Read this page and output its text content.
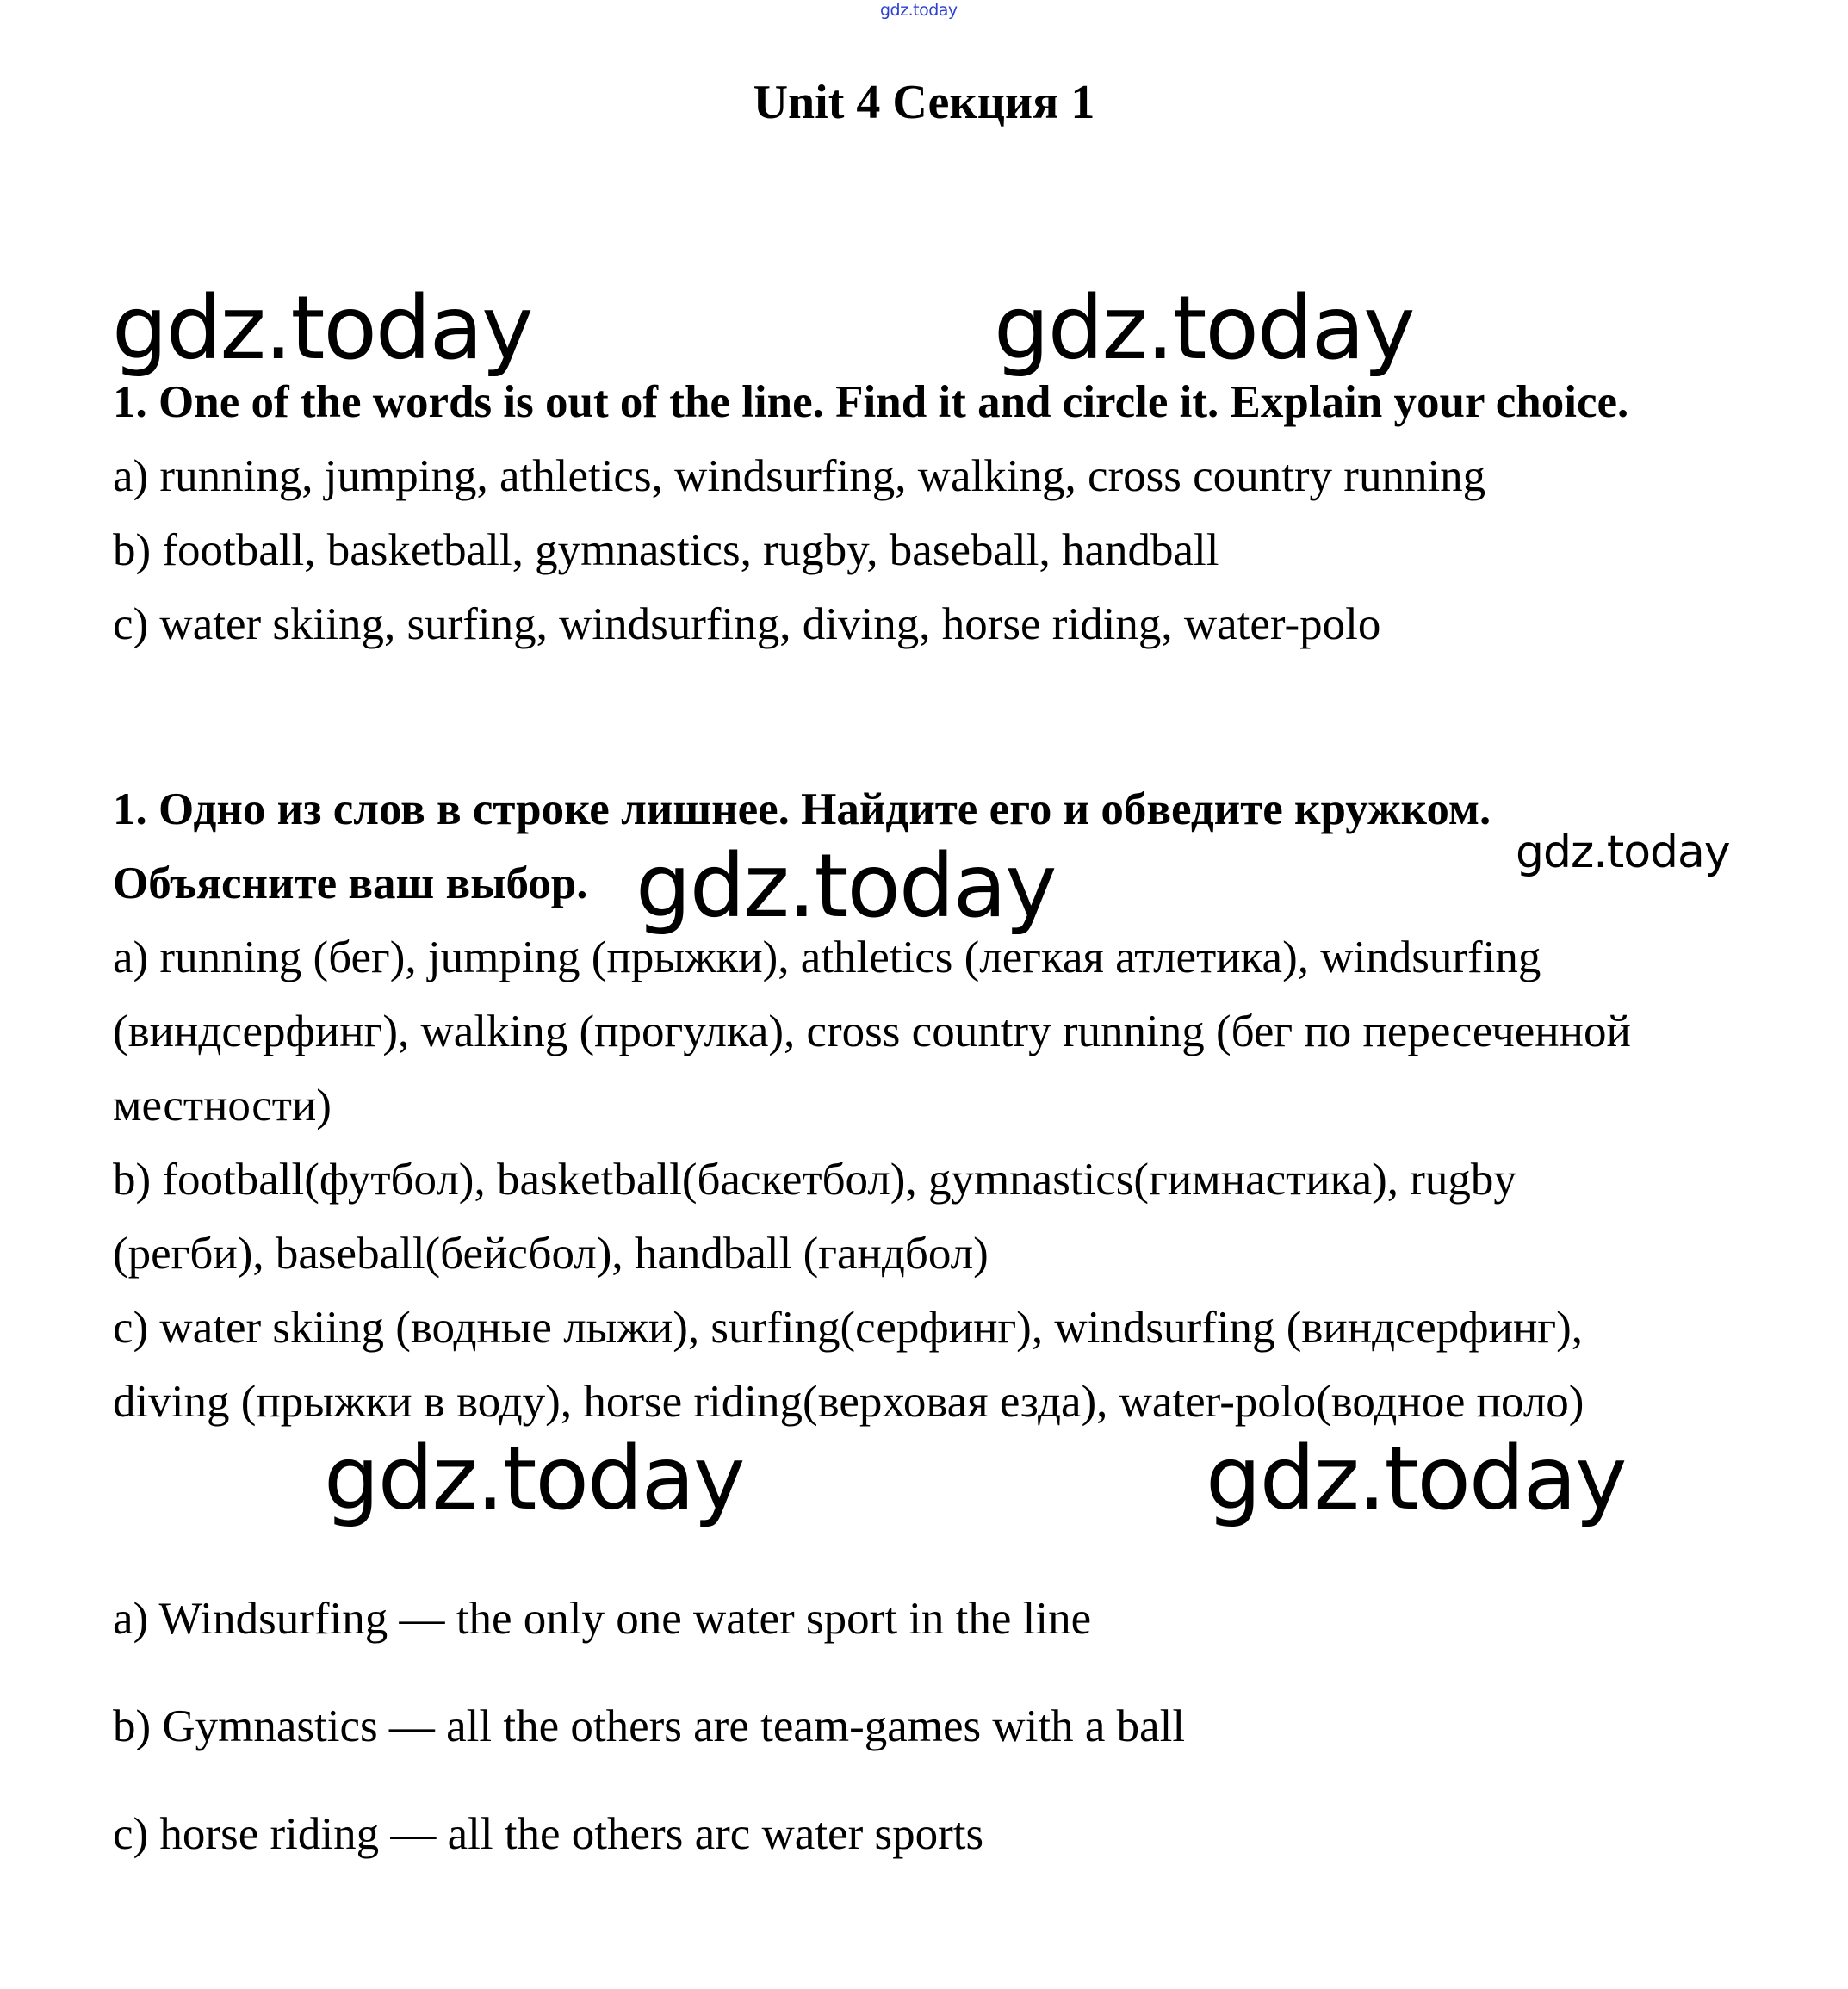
gdz.today
Unit 4 Секция 1
gdz.today	gdz.today
gdz.today
gdz.today
gdz.today	gdz.today
1. One of the words is out of the line. Find it and circle it. Explain your choice.
a) running, jumping, athletics, windsurfing, walking, cross country running
b) football, basketball, gymnastics, rugby, baseball, handball
c) water skiing, surfing, windsurfing, diving, horse riding, water-polo
1. Одно из слов в строке лишнее. Найдите его и обведите кружком.
Объясните ваш выбор.
a) running (бег), jumping (прыжки), athletics (легкая атлетика), windsurfing
(виндсерфинг), walking (прогулка), cross country running (бег по пересеченной
местности)
b) football(футбол), basketball(баскетбол), gymnastics(гимнастика), rugby
(регби), baseball(бейсбол), handball (гандбол)
c) water skiing (водные лыжи), surfing(серфинг), windsurfing (виндсерфинг),
diving (прыжки в воду), horse riding(верховая езда), water-polo(водное поло)
a) Windsurfing — the only one water sport in the line
b) Gymnastics — all the others are team-games with a ball
c) horse riding — all the others arc water sports
